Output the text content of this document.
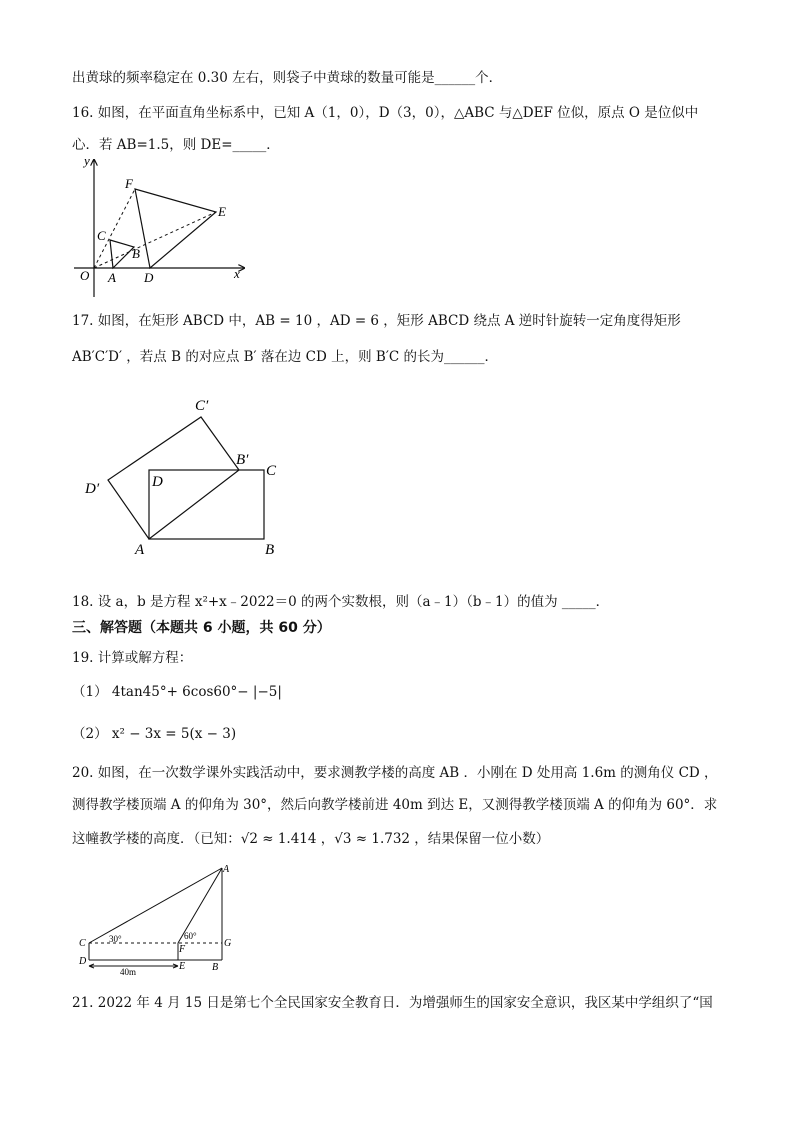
出黄球的频率稳定在 0.30 左右，则袋子中黄球的数量可能是______个．
16. 如图，在平面直角坐标系中，已知 A（1，0），D（3，0），△ABC 与△DEF 位似，原点 O 是位似中
心．若 AB=1.5，则 DE=_____．
y
x
O A
B
C
D
E
F
17. 如图，在矩形 ABCD 中，AB = 10 ，AD = 6 ，矩形 ABCD 绕点 A 逆时针旋转一定角度得矩形
AB′C′D′ ，若点 B 的对应点 B′ 落在边 CD 上，则 B′C 的长为______．
A	B
C
D
B′
C′
D′
18. 设 a，b 是方程 x²+x﹣2022＝0 的两个实数根，则（a﹣1）（b﹣1）的值为 _____．
三、解答题（本题共 6 小题，共 60 分）
19. 计算或解方程：
（1） 4tan45°+ 6cos60°− |−5|
（2） x² − 3x = 5(x − 3)
20. 如图，在一次数学课外实践活动中，要求测教学楼的高度 AB ．小刚在 D 处用高 1.6m 的测角仪 CD ，
测得教学楼顶端 A 的仰角为 30°，然后向教学楼前进 40m 到达 E，又测得教学楼顶端 A 的仰角为 60°．求
这幢教学楼的高度．（已知：√2 ≈ 1.414 ，√3 ≈ 1.732 ，结果保留一位小数）
A
C
D
F
E
G
B
30°	60°
40m
21. 2022 年 4 月 15 日是第七个全民国家安全教育日．为增强师生的国家安全意识，我区某中学组织了“国
